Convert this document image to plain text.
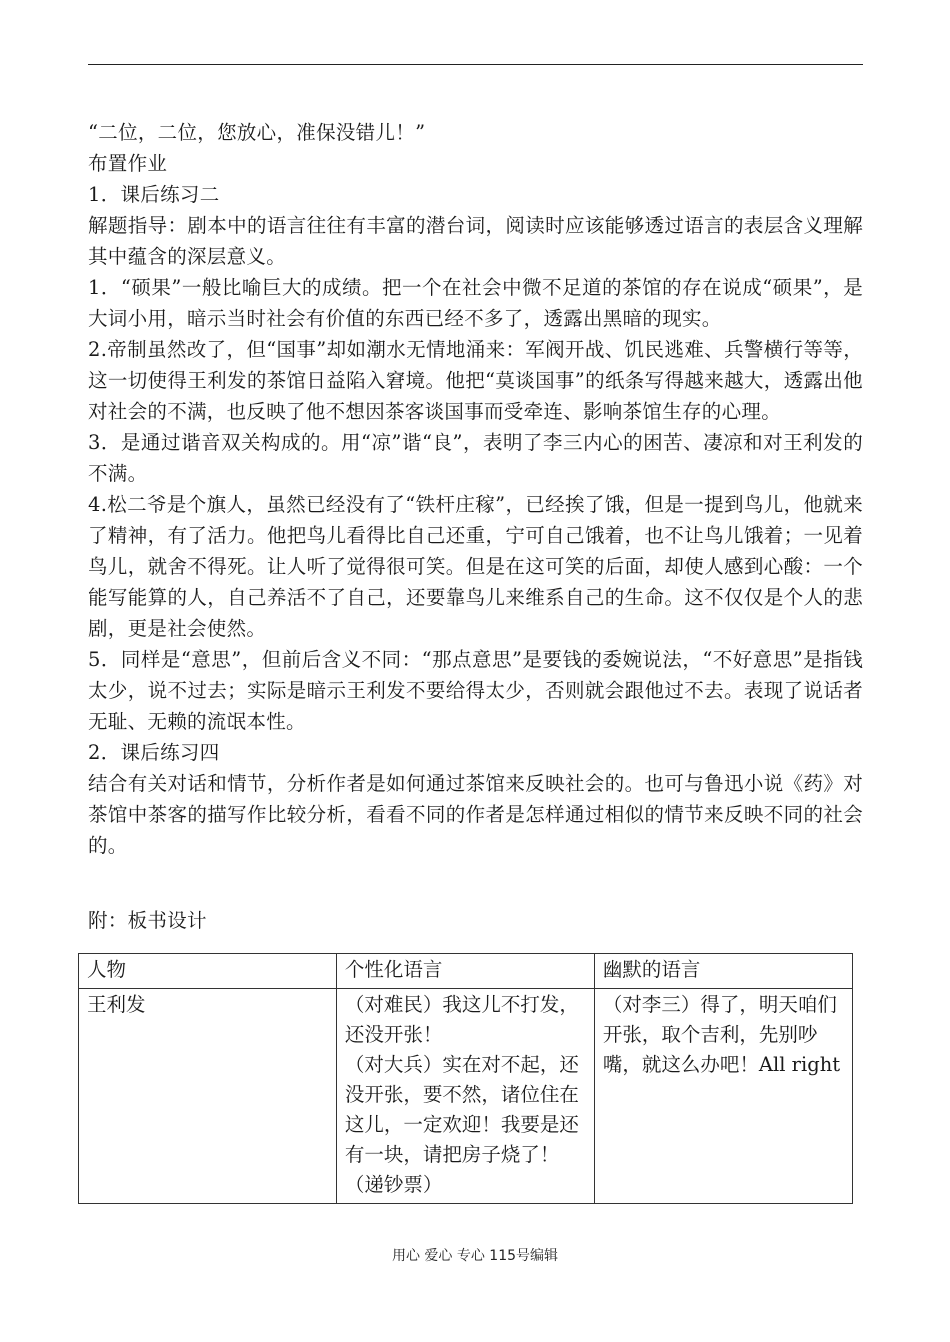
“二位，二位，您放心，准保没错儿！”

布置作业

1．课后练习二

解题指导：剧本中的语言往往有丰富的潜台词，阅读时应该能够透过语言的表层含义理解其中蕴含的深层意义。

1．“硕果”一般比喻巨大的成绩。把一个在社会中微不足道的茶馆的存在说成“硕果”，是大词小用，暗示当时社会有价值的东西已经不多了，透露出黑暗的现实。

2.帝制虽然改了，但“国事”却如潮水无情地涌来：军阀开战、饥民逃难、兵警横行等等，这一切使得王利发的茶馆日益陷入窘境。他把“莫谈国事”的纸条写得越来越大，透露出他对社会的不满，也反映了他不想因茶客谈国事而受牵连、影响茶馆生存的心理。

3．是通过谐音双关构成的。用“凉”谐“良”，表明了李三内心的困苦、凄凉和对王利发的不满。

4.松二爷是个旗人，虽然已经没有了“铁杆庄稼”，已经挨了饿，但是一提到鸟儿，他就来了精神，有了活力。他把鸟儿看得比自己还重，宁可自己饿着，也不让鸟儿饿着；一见着鸟儿，就舍不得死。让人听了觉得很可笑。但是在这可笑的后面，却使人感到心酸：一个能写能算的人，自己养活不了自己，还要靠鸟儿来维系自己的生命。这不仅仅是个人的悲剧，更是社会使然。

5．同样是“意思”，但前后含义不同：“那点意思”是要钱的委婉说法，“不好意思”是指钱太少，说不过去；实际是暗示王利发不要给得太少，否则就会跟他过不去。表现了说话者无耻、无赖的流氓本性。

2．课后练习四

结合有关对话和情节，分析作者是如何通过茶馆来反映社会的。也可与鲁迅小说《药》对茶馆中茶客的描写作比较分析，看看不同的作者是怎样通过相似的情节来反映不同的社会的。

附：板书设计

人物	个性化语言	幽默的语言
王利发	（对难民）我这儿不打发，还没开张！
（对大兵）实在对不起，还没开张，要不然，诸位住在这儿，一定欢迎！我要是还有一块，请把房子烧了！（递钞票）	（对李三）得了，明天咱们开张，取个吉利，先别吵嘴，就这么办吧！All right
用心 爱心 专心 115号编辑
